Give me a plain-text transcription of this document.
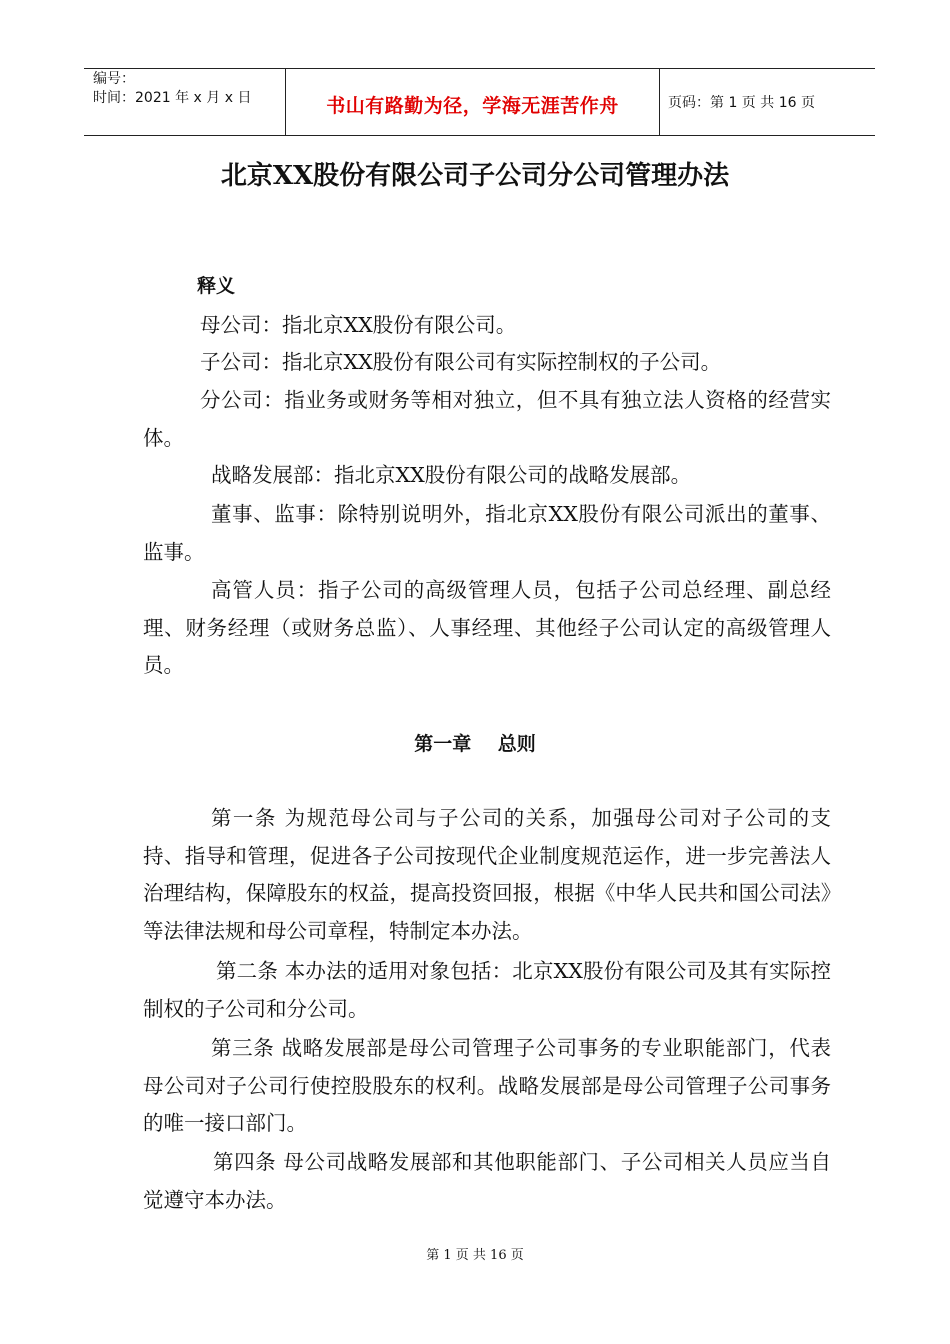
编号：
时间：2021 年 x 月 x 日	书山有路勤为径，学海无涯苦作舟	页码：第 1 页 共 16 页
北京XX股份有限公司子公司分公司管理办法
释义

母公司：指北京XX股份有限公司。

子公司：指北京XX股份有限公司有实际控制权的子公司。

分公司：指业务或财务等相对独立，但不具有独立法人资格的经营实体。

战略发展部：指北京XX股份有限公司的战略发展部。

董事、监事：除特别说明外，指北京XX股份有限公司派出的董事、监事。

高管人员：指子公司的高级管理人员，包括子公司总经理、副总经理、财务经理（或财务总监）、人事经理、其他经子公司认定的高级管理人员。

第一章    总则

第一条 为规范母公司与子公司的关系，加强母公司对子公司的支持、指导和管理，促进各子公司按现代企业制度规范运作，进一步完善法人治理结构，保障股东的权益，提高投资回报，根据《中华人民共和国公司法》等法律法规和母公司章程，特制定本办法。

第二条 本办法的适用对象包括：北京XX股份有限公司及其有实际控制权的子公司和分公司。

第三条 战略发展部是母公司管理子公司事务的专业职能部门，代表母公司对子公司行使控股股东的权利。战略发展部是母公司管理子公司事务的唯一接口部门。

第四条 母公司战略发展部和其他职能部门、子公司相关人员应当自觉遵守本办法。

第 1 页 共 16 页
